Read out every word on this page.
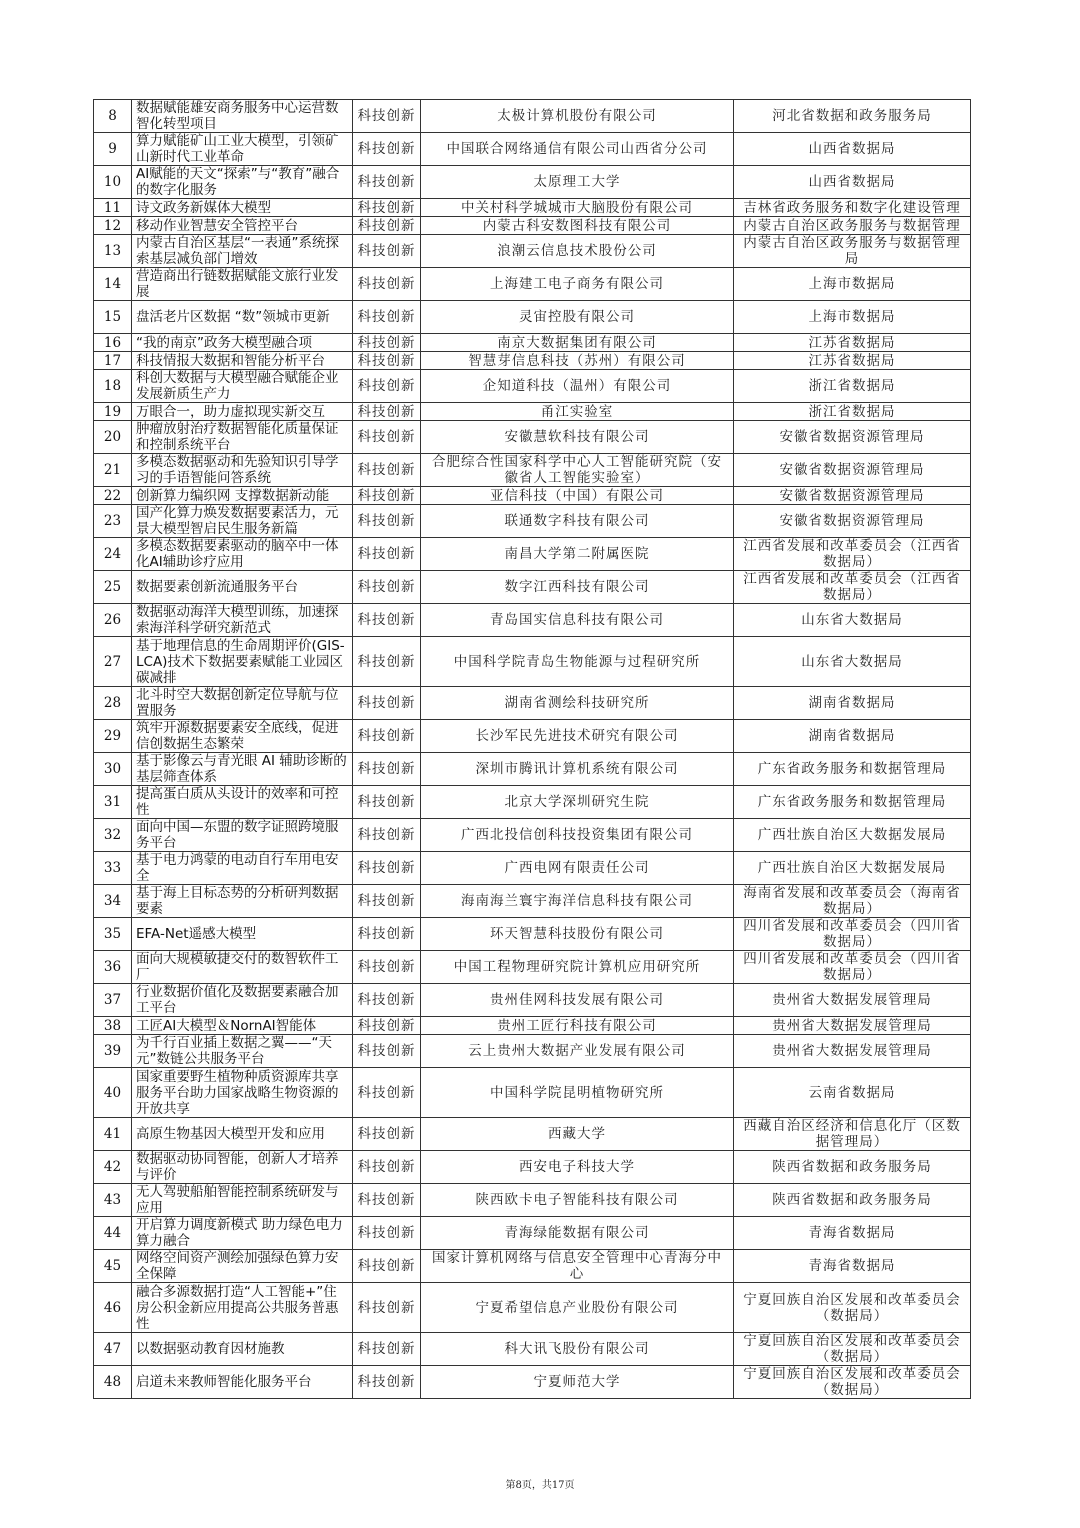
8	数据赋能雄安商务服务中心运营数智化转型项目	科技创新	太极计算机股份有限公司	河北省数据和政务服务局
9	算力赋能矿山工业大模型，引领矿山新时代工业革命	科技创新	中国联合网络通信有限公司山西省分公司	山西省数据局
10	AI赋能的天文“探索”与“教育”融合的数字化服务	科技创新	太原理工大学	山西省数据局
11	诗文政务新媒体大模型	科技创新	中关村科学城城市大脑股份有限公司	吉林省政务服务和数字化建设管理
12	移动作业智慧安全管控平台	科技创新	内蒙古科安数图科技有限公司	内蒙古自治区政务服务与数据管理
13	内蒙古自治区基层“一表通”系统探索基层减负部门增效	科技创新	浪潮云信息技术股份公司	内蒙古自治区政务服务与数据管理局
14	营造商出行链数据赋能文旅行业发展	科技创新	上海建工电子商务有限公司	上海市数据局
15	盘活老片区数据 “数”领城市更新	科技创新	灵宙控股有限公司	上海市数据局
16	“我的南京”政务大模型融合项	科技创新	南京大数据集团有限公司	江苏省数据局
17	科技情报大数据和智能分析平台	科技创新	智慧芽信息科技（苏州）有限公司	江苏省数据局
18	科创大数据与大模型融合赋能企业发展新质生产力	科技创新	企知道科技（温州）有限公司	浙江省数据局
19	万眼合一，助力虚拟现实新交互	科技创新	甬江实验室	浙江省数据局
20	肿瘤放射治疗数据智能化质量保证和控制系统平台	科技创新	安徽慧软科技有限公司	安徽省数据资源管理局
21	多模态数据驱动和先验知识引导学习的手语智能问答系统	科技创新	合肥综合性国家科学中心人工智能研究院（安徽省人工智能实验室）	安徽省数据资源管理局
22	创新算力编织网 支撑数据新动能	科技创新	亚信科技（中国）有限公司	安徽省数据资源管理局
23	国产化算力焕发数据要素活力，元景大模型智启民生服务新篇	科技创新	联通数字科技有限公司	安徽省数据资源管理局
24	多模态数据要素驱动的脑卒中一体化AI辅助诊疗应用	科技创新	南昌大学第二附属医院	江西省发展和改革委员会（江西省数据局）
25	数据要素创新流通服务平台	科技创新	数字江西科技有限公司	江西省发展和改革委员会（江西省数据局）
26	数据驱动海洋大模型训练，加速探索海洋科学研究新范式	科技创新	青岛国实信息科技有限公司	山东省大数据局
27	基于地理信息的生命周期评价(GIS-LCA)技术下数据要素赋能工业园区碳减排	科技创新	中国科学院青岛生物能源与过程研究所	山东省大数据局
28	北斗时空大数据创新定位导航与位置服务	科技创新	湖南省测绘科技研究所	湖南省数据局
29	筑牢开源数据要素安全底线，促进信创数据生态繁荣	科技创新	长沙军民先进技术研究有限公司	湖南省数据局
30	基于影像云与青光眼 AI 辅助诊断的基层筛查体系	科技创新	深圳市腾讯计算机系统有限公司	广东省政务服务和数据管理局
31	提高蛋白质从头设计的效率和可控性	科技创新	北京大学深圳研究生院	广东省政务服务和数据管理局
32	面向中国—东盟的数字证照跨境服务平台	科技创新	广西北投信创科技投资集团有限公司	广西壮族自治区大数据发展局
33	基于电力鸿蒙的电动自行车用电安全	科技创新	广西电网有限责任公司	广西壮族自治区大数据发展局
34	基于海上目标态势的分析研判数据要素	科技创新	海南海兰寰宇海洋信息科技有限公司	海南省发展和改革委员会（海南省数据局）
35	EFA-Net遥感大模型	科技创新	环天智慧科技股份有限公司	四川省发展和改革委员会（四川省数据局）
36	面向大规模敏捷交付的数智软件工厂	科技创新	中国工程物理研究院计算机应用研究所	四川省发展和改革委员会（四川省数据局）
37	行业数据价值化及数据要素融合加工平台	科技创新	贵州佳网科技发展有限公司	贵州省大数据发展管理局
38	工匠AI大模型＆NornAI智能体	科技创新	贵州工匠行科技有限公司	贵州省大数据发展管理局
39	为千行百业插上数据之翼——“天元”数链公共服务平台	科技创新	云上贵州大数据产业发展有限公司	贵州省大数据发展管理局
40	国家重要野生植物种质资源库共享服务平台助力国家战略生物资源的开放共享	科技创新	中国科学院昆明植物研究所	云南省数据局
41	高原生物基因大模型开发和应用	科技创新	西藏大学	西藏自治区经济和信息化厅（区数据管理局）
42	数据驱动协同智能，创新人才培养与评价	科技创新	西安电子科技大学	陕西省数据和政务服务局
43	无人驾驶船舶智能控制系统研发与应用	科技创新	陕西欧卡电子智能科技有限公司	陕西省数据和政务服务局
44	开启算力调度新模式 助力绿色电力算力融合	科技创新	青海绿能数据有限公司	青海省数据局
45	网络空间资产测绘加强绿色算力安全保障	科技创新	国家计算机网络与信息安全管理中心青海分中心	青海省数据局
46	融合多源数据打造“人工智能+”住房公积金新应用提高公共服务普惠性	科技创新	宁夏希望信息产业股份有限公司	宁夏回族自治区发展和改革委员会（数据局）
47	以数据驱动教育因材施教	科技创新	科大讯飞股份有限公司	宁夏回族自治区发展和改革委员会（数据局）
48	启道未来教师智能化服务平台	科技创新	宁夏师范大学	宁夏回族自治区发展和改革委员会（数据局）
第8页，共17页
